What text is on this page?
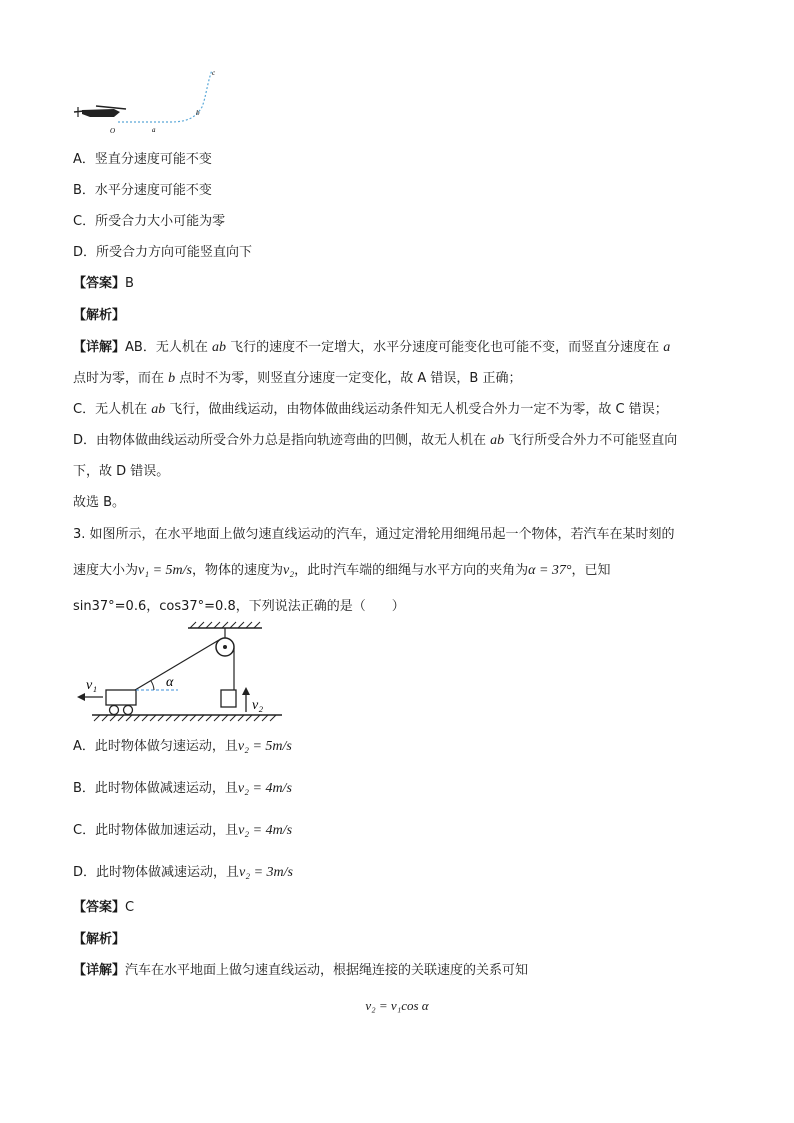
c
b
O	a
A．竖直分速度可能不变
B．水平分速度可能不变
C．所受合力大小可能为零
D．所受合力方向可能竖直向下
【答案】B
【解析】
【详解】AB．无人机在 ab 飞行的速度不一定增大，水平分速度可能变化也可能不变，而竖直分速度在 a
点时为零，而在 b 点时不为零，则竖直分速度一定变化，故 A 错误，B 正确；
C．无人机在 ab 飞行，做曲线运动，由物体做曲线运动条件知无人机受合外力一定不为零，故 C 错误；
D．由物体做曲线运动所受合外力总是指向轨迹弯曲的凹侧，故无人机在 ab 飞行所受合外力不可能竖直向
下，故 D 错误。
故选 B。
3. 如图所示，在水平地面上做匀速直线运动的汽车，通过定滑轮用细绳吊起一个物体，若汽车在某时刻的
速度大小为v₁ = 5m/s，物体的速度为v₂，此时汽车端的细绳与水平方向的夹角为α = 37°，已知
sin37°=0.6，cos37°=0.8，下列说法正确的是（　　）
v₂
α
v₁
A．此时物体做匀速运动，且v₂ = 5m/s
B．此时物体做减速运动，且v₂ = 4m/s
C．此时物体做加速运动，且v₂ = 4m/s
D．此时物体做减速运动，且v₂ = 3m/s
【答案】C
【解析】
【详解】汽车在水平地面上做匀速直线运动，根据绳连接的关联速度的关系可知
v₂ = v₁cos α
